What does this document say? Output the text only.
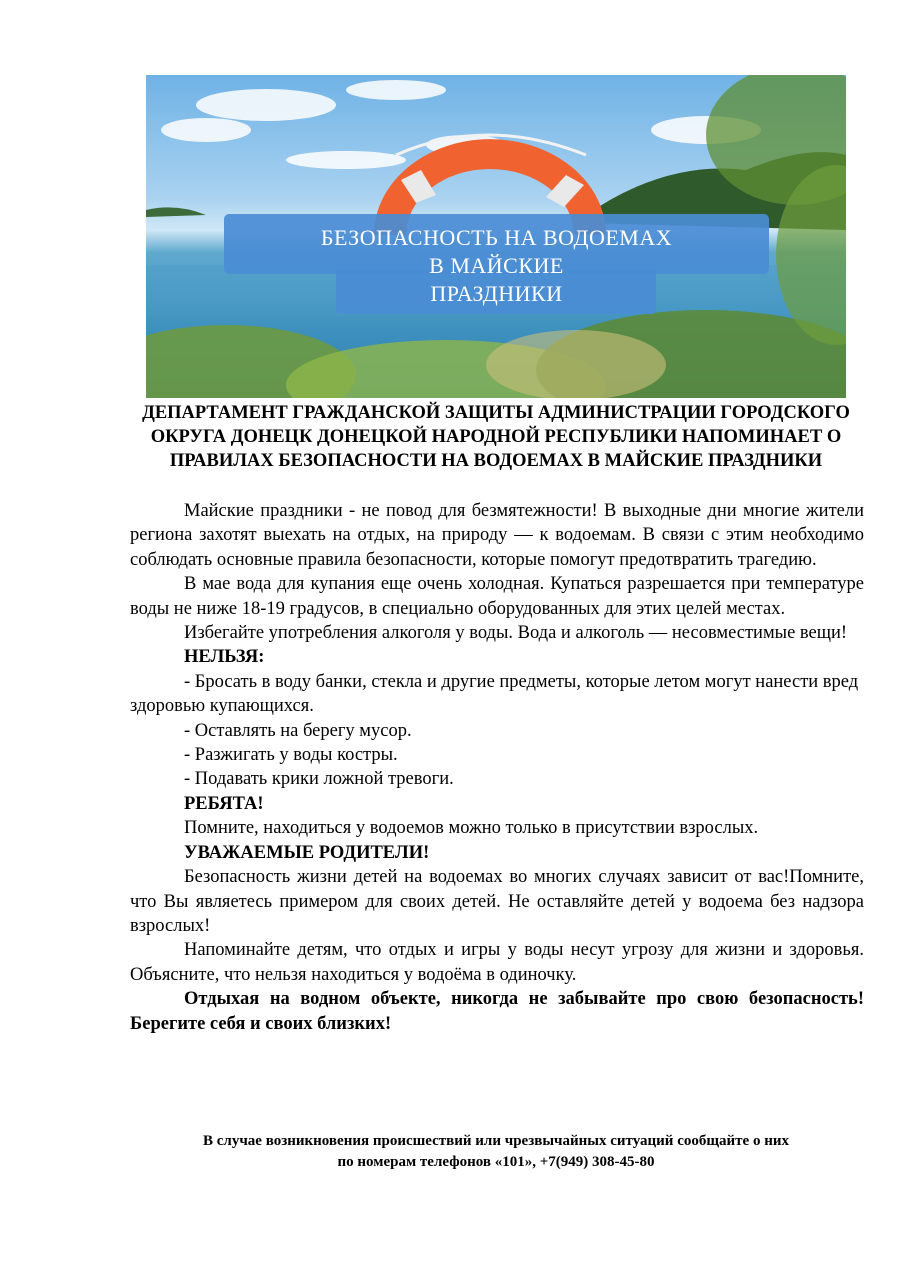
БЕЗОПАСНОСТЬ НА ВОДОЕМАХ
В МАЙСКИЕ
ПРАЗДНИКИ
ДЕПАРТАМЕНТ ГРАЖДАНСКОЙ ЗАЩИТЫ АДМИНИСТРАЦИИ ГОРОДСКОГО ОКРУГА ДОНЕЦК ДОНЕЦКОЙ НАРОДНОЙ РЕСПУБЛИКИ НАПОМИНАЕТ О ПРАВИЛАХ БЕЗОПАСНОСТИ НА ВОДОЕМАХ В МАЙСКИЕ ПРАЗДНИКИ

Майские праздники - не повод для безмятежности! В выходные дни многие жители региона захотят выехать на отдых, на природу — к водоемам. В связи с этим необходимо соблюдать основные правила безопасности, которые помогут предотвратить трагедию.

В мае вода для купания еще очень холодная. Купаться разрешается при температуре воды не ниже 18-19 градусов, в специально оборудованных для этих целей местах.

Избегайте употребления алкоголя у воды. Вода и алкоголь — несовместимые вещи!

НЕЛЬЗЯ:

- Бросать в воду банки, стекла и другие предметы, которые летом могут нанести вред здоровью купающихся.

- Оставлять на берегу мусор.

- Разжигать у воды костры.

- Подавать крики ложной тревоги.

РЕБЯТА!

Помните, находиться у водоемов можно только в присутствии взрослых.

УВАЖАЕМЫЕ РОДИТЕЛИ!

Безопасность жизни детей на водоемах во многих случаях зависит от вас!Помните, что Вы являетесь примером для своих детей. Не оставляйте детей у водоема без надзора взрослых!

Напоминайте детям, что отдых и игры у воды несут угрозу для жизни и здоровья. Объясните, что нельзя находиться у водоёма в одиночку.

Отдыхая на водном объекте, никогда не забывайте про свою безопасность! Берегите себя и своих близких!

В случае возникновения происшествий или чрезвычайных ситуаций сообщайте о них
по номерам телефонов «101», +7(949) 308-45-80
